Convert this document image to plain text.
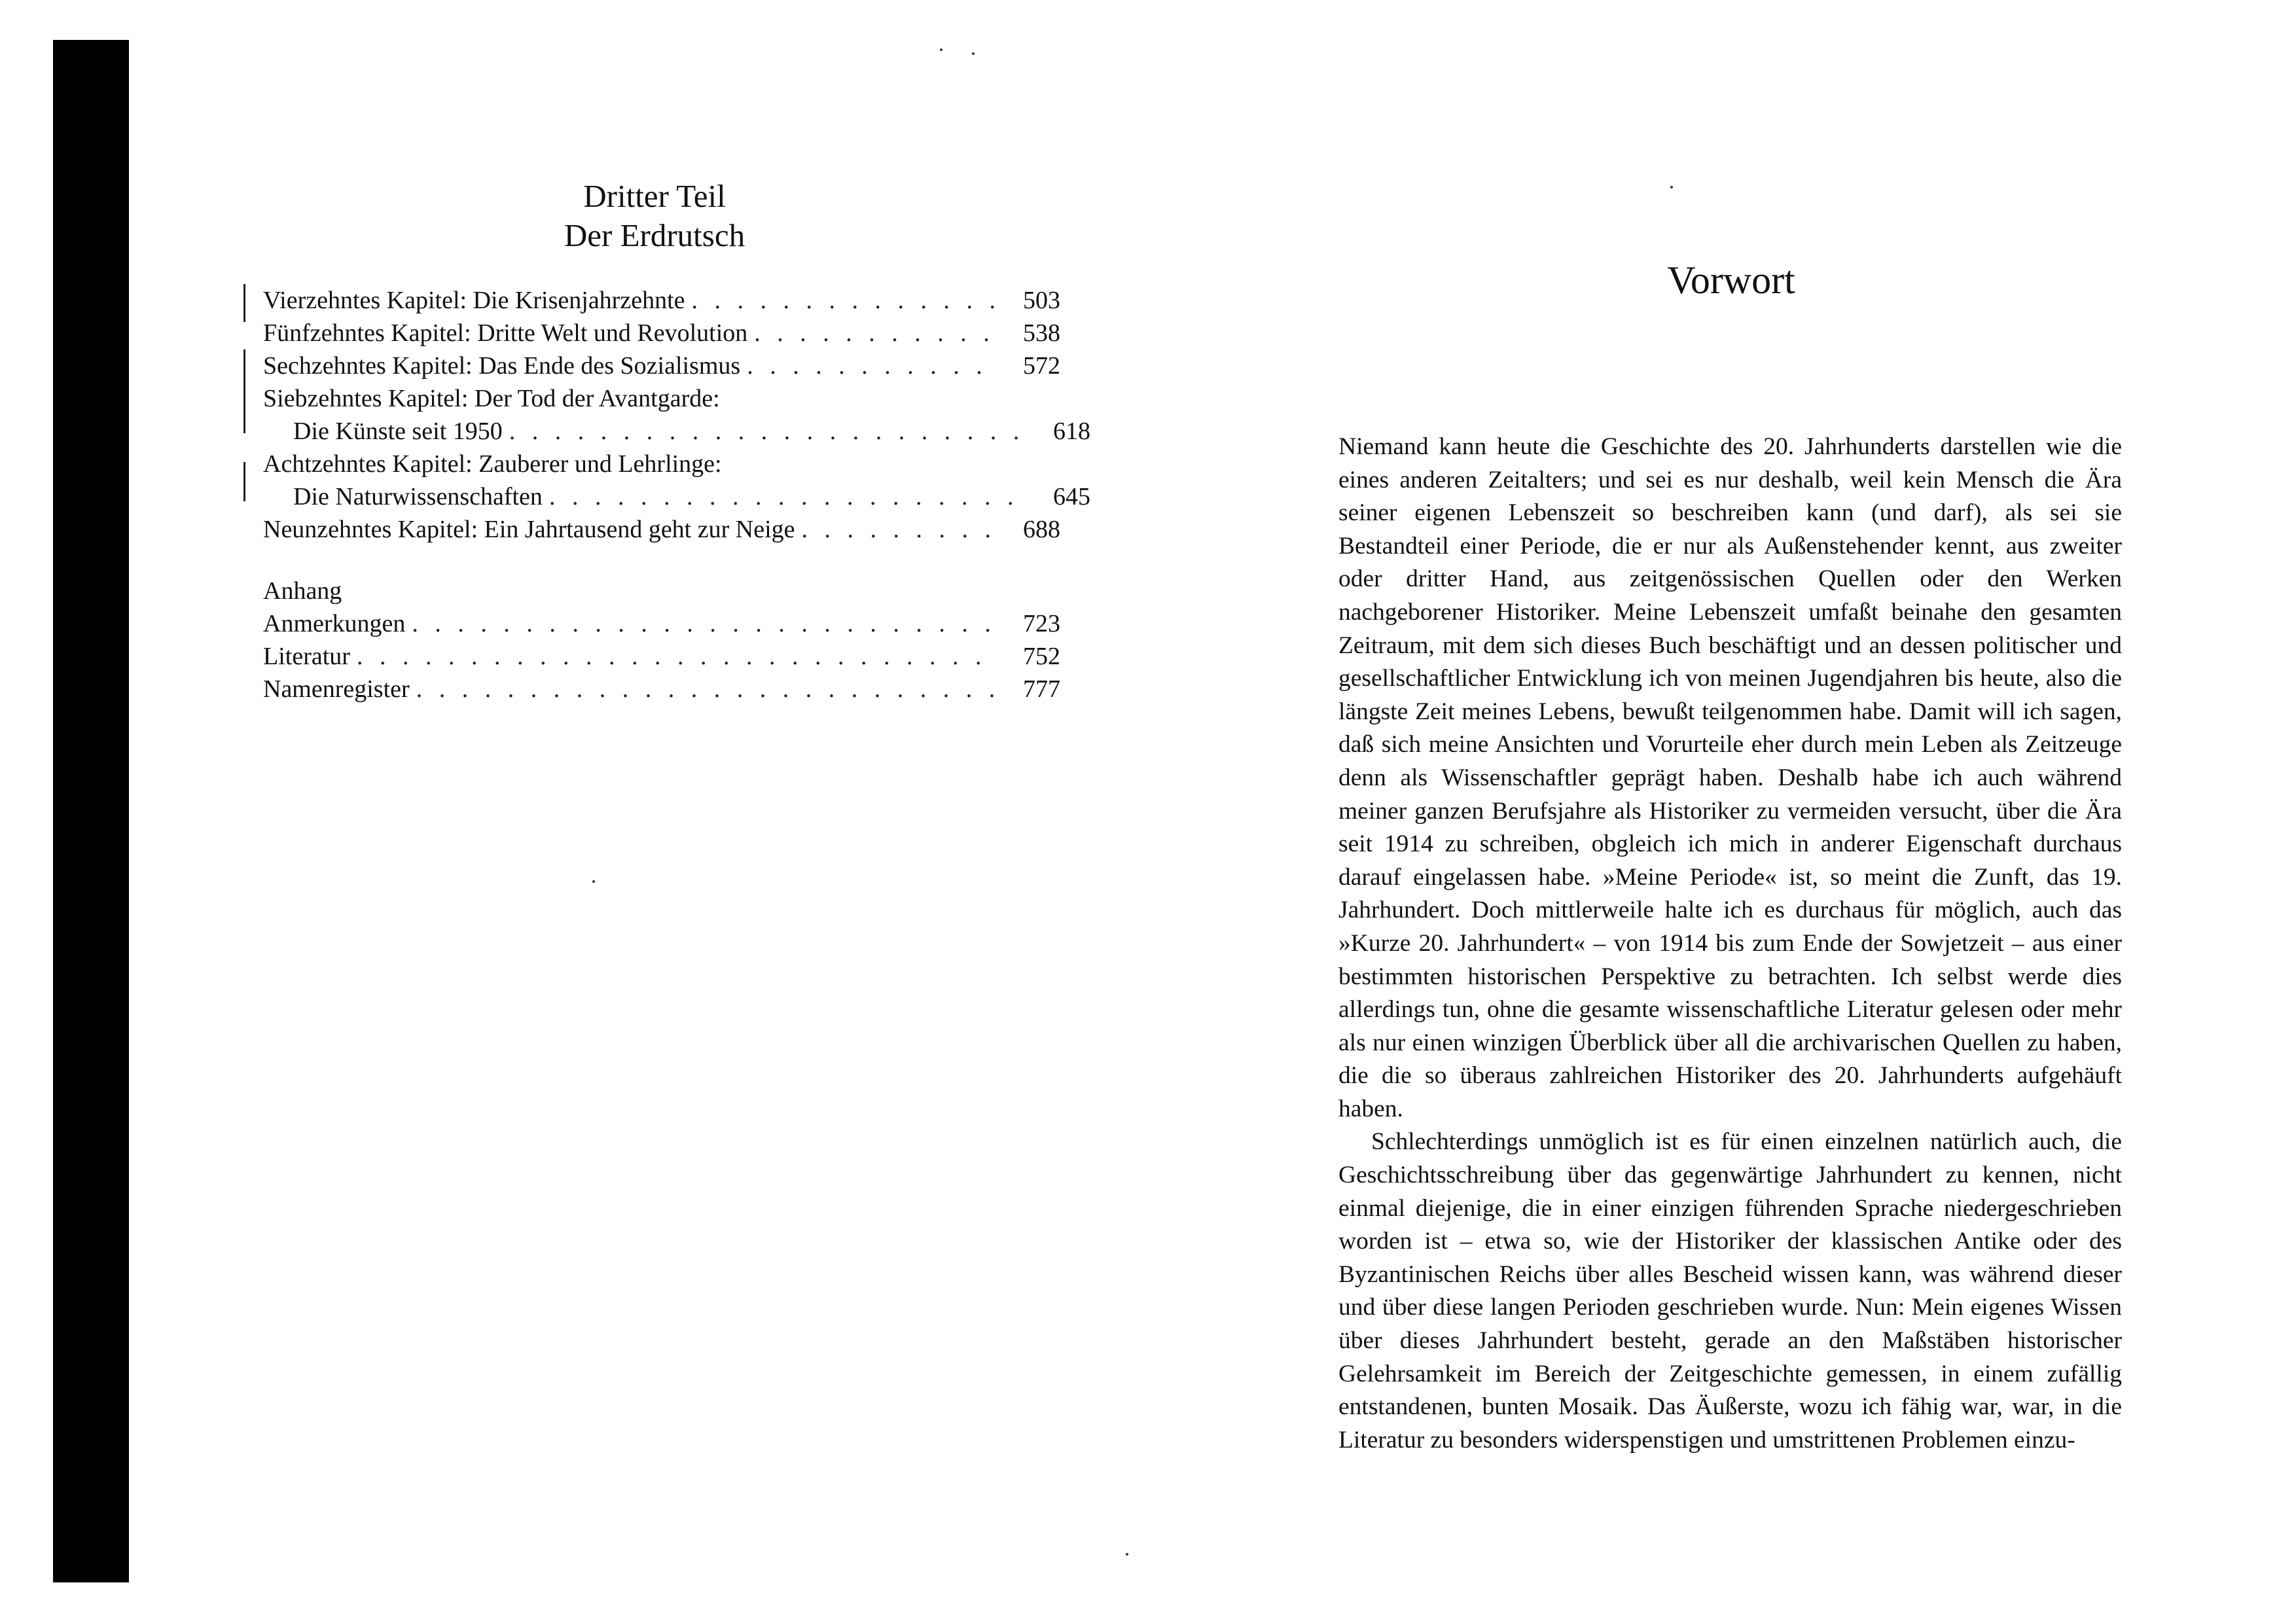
Dritter Teil
Der Erdrutsch
Vierzehntes Kapitel: Die Krisenjahrzehnte . . .	503
Fünfzehntes Kapitel: Dritte Welt und Revolution . . .	538
Sechzehntes Kapitel: Das Ende des Sozialismus . . .	572
Siebzehntes Kapitel: Der Tod der Avantgarde:
Die Künste seit 1950 . . .	618
Achtzehntes Kapitel: Zauberer und Lehrlinge:
Die Naturwissenschaften . . .	645
Neunzehntes Kapitel: Ein Jahrtausend geht zur Neige . . .	688
Anhang
Anmerkungen . . .	723
Literatur . . .	752
Namenregister . . .	777
Vorwort

Niemand kann heute die Geschichte des 20. Jahrhunderts darstellen wie die eines anderen Zeitalters; und sei es nur deshalb, weil kein Mensch die Ära seiner eigenen Lebenszeit so beschreiben kann (und darf), als sei sie Bestandteil einer Periode, die er nur als Außenstehender kennt, aus zweiter oder dritter Hand, aus zeitgenössischen Quellen oder den Werken nachgeborener Historiker. Meine Lebenszeit umfaßt beinahe den gesamten Zeitraum, mit dem sich dieses Buch beschäftigt und an dessen politischer und gesellschaftlicher Entwicklung ich von meinen Jugendjahren bis heute, also die längste Zeit meines Lebens, bewußt teilgenommen habe. Damit will ich sagen, daß sich meine Ansichten und Vorurteile eher durch mein Leben als Zeitzeuge denn als Wissenschaftler geprägt haben. Deshalb habe ich auch während meiner ganzen Berufsjahre als Historiker zu vermeiden versucht, über die Ära seit 1914 zu schreiben, obgleich ich mich in anderer Eigenschaft durchaus darauf eingelassen habe. »Meine Periode« ist, so meint die Zunft, das 19. Jahrhundert. Doch mittlerweile halte ich es durchaus für möglich, auch das »Kurze 20. Jahrhundert« – von 1914 bis zum Ende der Sowjetzeit – aus einer bestimmten historischen Perspektive zu betrachten. Ich selbst werde dies allerdings tun, ohne die gesamte wissenschaftliche Literatur gelesen oder mehr als nur einen winzigen Überblick über all die archivarischen Quellen zu haben, die die so überaus zahlreichen Historiker des 20. Jahrhunderts aufgehäuft haben.

Schlechterdings unmöglich ist es für einen einzelnen natürlich auch, die Geschichtsschreibung über das gegenwärtige Jahrhundert zu kennen, nicht einmal diejenige, die in einer einzigen führenden Sprache niedergeschrieben worden ist – etwa so, wie der Historiker der klassischen Antike oder des Byzantinischen Reichs über alles Bescheid wissen kann, was während dieser und über diese langen Perioden geschrieben wurde. Nun: Mein eigenes Wissen über dieses Jahrhundert besteht, gerade an den Maßstäben historischer Gelehrsamkeit im Bereich der Zeitgeschichte gemessen, in einem zufällig entstandenen, bunten Mosaik. Das Äußerste, wozu ich fähig war, war, in die Literatur zu besonders widerspenstigen und umstrittenen Problemen einzu-
